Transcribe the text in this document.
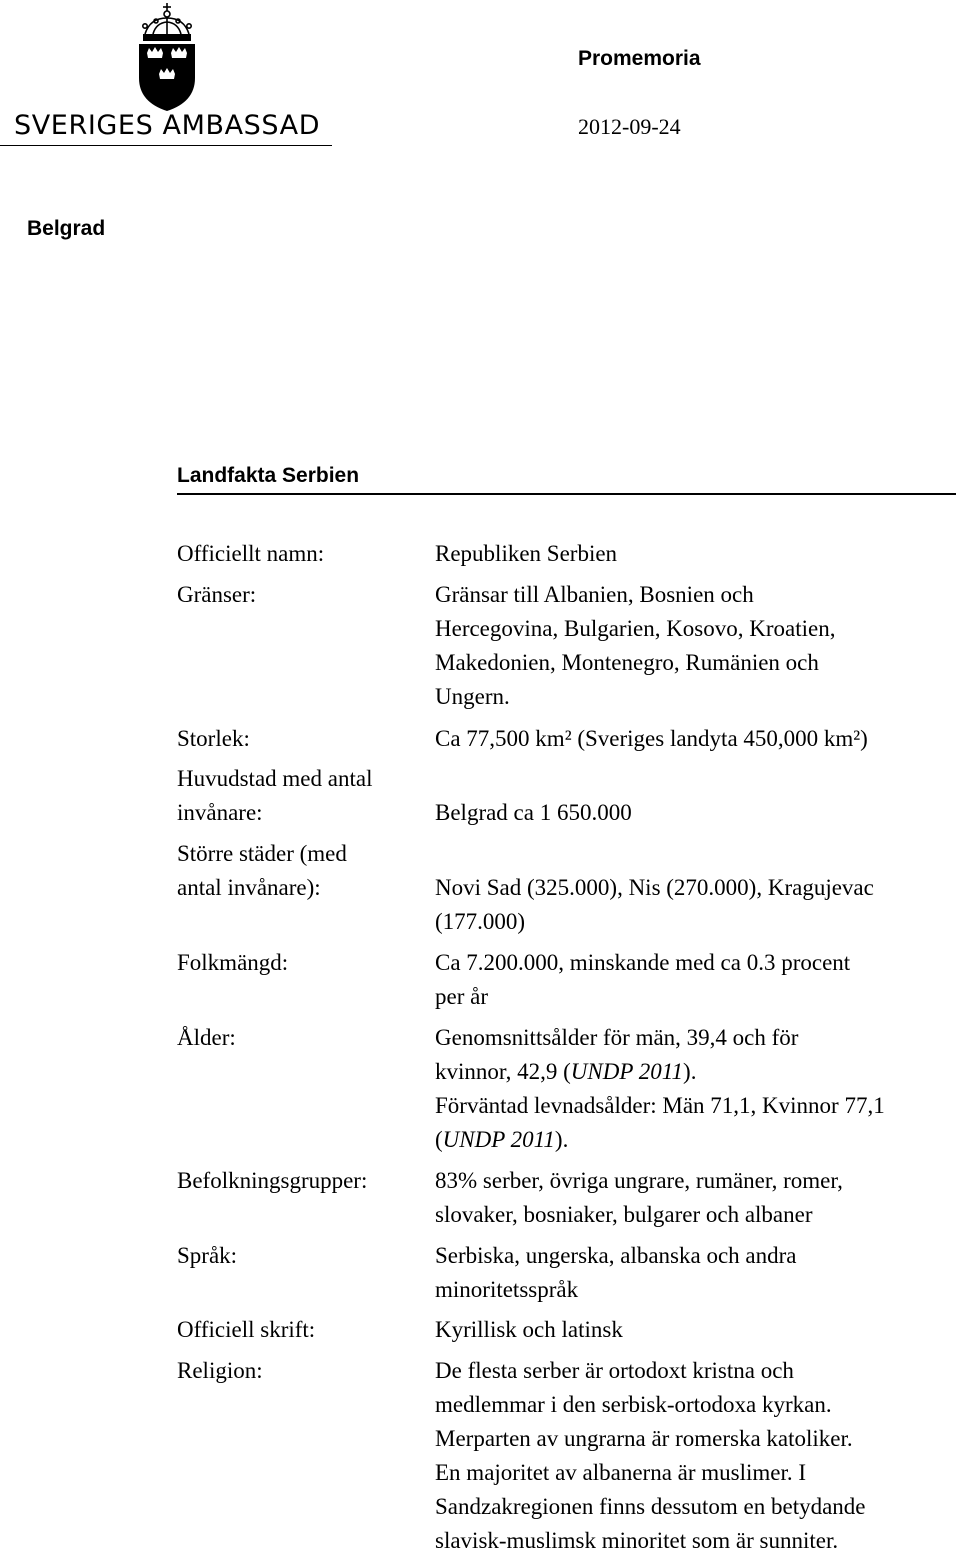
SVERIGES AMBASSAD
Promemoria
2012-09-24
Belgrad
Landfakta Serbien
Officiellt namn:	Republiken Serbien
Gränser:	Gränsar till Albanien, Bosnien och
Hercegovina, Bulgarien, Kosovo, Kroatien,
Makedonien, Montenegro, Rumänien och
Ungern.
Storlek:	Ca 77,500 km² (Sveriges landyta 450,000 km²)
Huvudstad med antal
invånare:	Belgrad ca 1 650.000
Större städer (med
antal invånare):	Novi Sad (325.000), Nis (270.000), Kragujevac
(177.000)
Folkmängd:	Ca 7.200.000, minskande med ca 0.3 procent
per år
Ålder:	Genomsnittsålder för män, 39,4 och för
kvinnor, 42,9 (UNDP 2011).
Förväntad levnadsålder: Män 71,1, Kvinnor 77,1
(UNDP 2011).
Befolkningsgrupper:	83% serber, övriga ungrare, rumäner, romer,
slovaker, bosniaker, bulgarer och albaner
Språk:	Serbiska, ungerska, albanska och andra
minoritetsspråk
Officiell skrift:	Kyrillisk och latinsk
Religion:	De flesta serber är ortodoxt kristna och
medlemmar i den serbisk-ortodoxa kyrkan.
Merparten av ungrarna är romerska katoliker.
En majoritet av albanerna är muslimer. I
Sandzakregionen finns dessutom en betydande
slavisk-muslimsk minoritet som är sunniter.
